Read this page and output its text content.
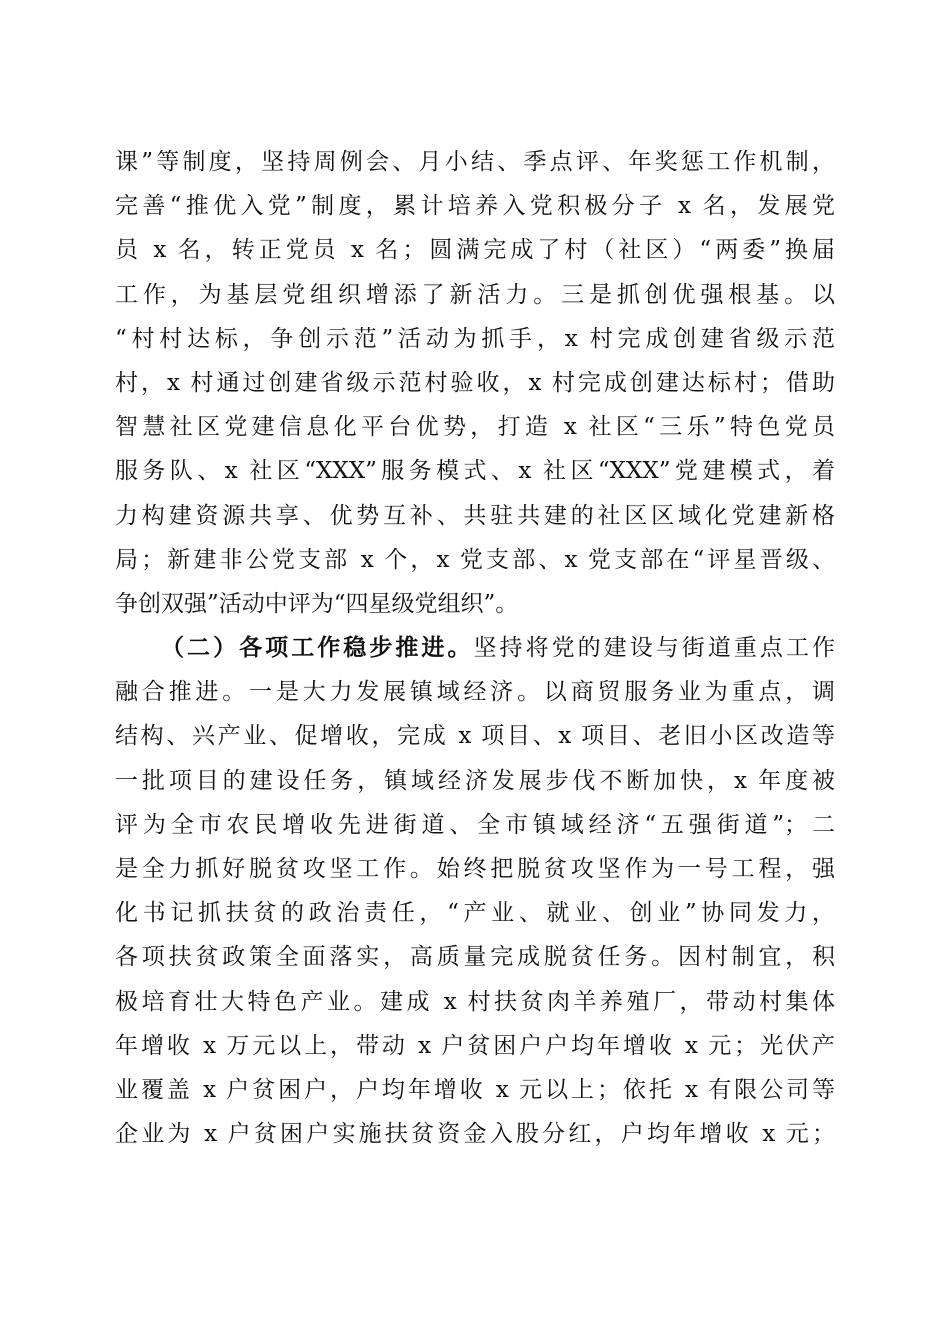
课”等制度，坚持周例会、月小结、季点评、年奖惩工作机制，
完善“推优入党”制度，累计培养入党积极分子 x 名，发展党
员 x 名，转正党员 x 名；圆满完成了村（社区）“两委”换届
工作，为基层党组织增添了新活力。三是抓创优强根基。以
“村村达标，争创示范”活动为抓手，x 村完成创建省级示范
村，x 村通过创建省级示范村验收，x 村完成创建达标村；借助
智慧社区党建信息化平台优势，打造 x 社区“三乐”特色党员
服务队、x 社区“XXX”服务模式、x 社区“XXX”党建模式，着
力构建资源共享、优势互补、共驻共建的社区区域化党建新格
局；新建非公党支部 x 个，x 党支部、x 党支部在“评星晋级、
争创双强”活动中评为“四星级党组织”。
（二）各项工作稳步推进。坚持将党的建设与街道重点工作
融合推进。一是大力发展镇域经济。以商贸服务业为重点，调
结构、兴产业、促增收，完成 x 项目、x 项目、老旧小区改造等
一批项目的建设任务，镇域经济发展步伐不断加快，x 年度被
评为全市农民增收先进街道、全市镇域经济“五强街道”；二
是全力抓好脱贫攻坚工作。始终把脱贫攻坚作为一号工程，强
化书记抓扶贫的政治责任，“产业、就业、创业”协同发力，
各项扶贫政策全面落实，高质量完成脱贫任务。因村制宜，积
极培育壮大特色产业。建成 x 村扶贫肉羊养殖厂，带动村集体
年增收 x 万元以上，带动 x 户贫困户户均年增收 x 元；光伏产
业覆盖 x 户贫困户，户均年增收 x 元以上；依托 x 有限公司等
企业为 x 户贫困户实施扶贫资金入股分红，户均年增收 x 元；
